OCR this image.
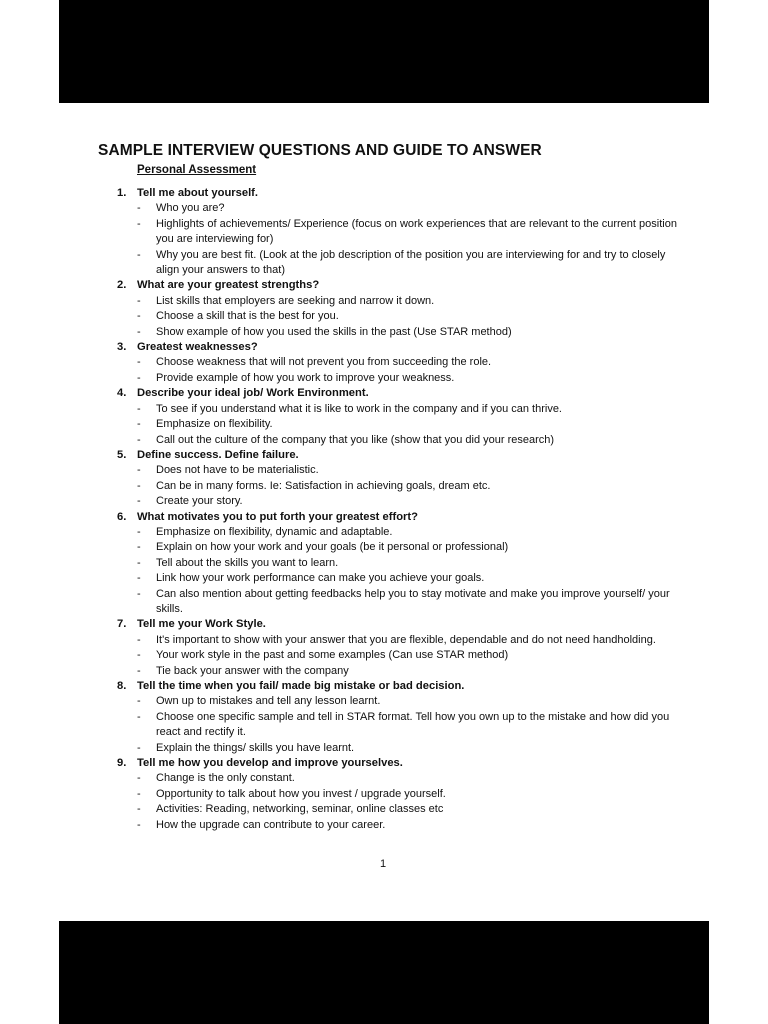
SAMPLE INTERVIEW QUESTIONS AND GUIDE TO ANSWER
Personal Assessment
1. Tell me about yourself.
- Who you are?
- Highlights of achievements/ Experience (focus on work experiences that are relevant to the current position you are interviewing for)
- Why you are best fit. (Look at the job description of the position you are interviewing for and try to closely align your answers to that)
2. What are your greatest strengths?
- List skills that employers are seeking and narrow it down.
- Choose a skill that is the best for you.
- Show example of how you used the skills in the past (Use STAR method)
3. Greatest weaknesses?
- Choose weakness that will not prevent you from succeeding the role.
- Provide example of how you work to improve your weakness.
4. Describe your ideal job/ Work Environment.
- To see if you understand what it is like to work in the company and if you can thrive.
- Emphasize on flexibility.
- Call out the culture of the company that you like (show that you did your research)
5. Define success. Define failure.
- Does not have to be materialistic.
- Can be in many forms. Ie: Satisfaction in achieving goals, dream etc.
- Create your story.
6. What motivates you to put forth your greatest effort?
- Emphasize on flexibility, dynamic and adaptable.
- Explain on how your work and your goals (be it personal or professional)
- Tell about the skills you want to learn.
- Link how your work performance can make you achieve your goals.
- Can also mention about getting feedbacks help you to stay motivate and make you improve yourself/ your skills.
7. Tell me your Work Style.
- It's important to show with your answer that you are flexible, dependable and do not need handholding.
- Your work style in the past and some examples (Can use STAR method)
- Tie back your answer with the company
8. Tell the time when you fail/ made big mistake or bad decision.
- Own up to mistakes and tell any lesson learnt.
- Choose one specific sample and tell in STAR format. Tell how you own up to the mistake and how did you react and rectify it.
- Explain the things/ skills you have learnt.
9. Tell me how you develop and improve yourselves.
- Change is the only constant.
- Opportunity to talk about how you invest / upgrade yourself.
- Activities: Reading, networking, seminar, online classes etc
- How the upgrade can contribute to your career.
1
